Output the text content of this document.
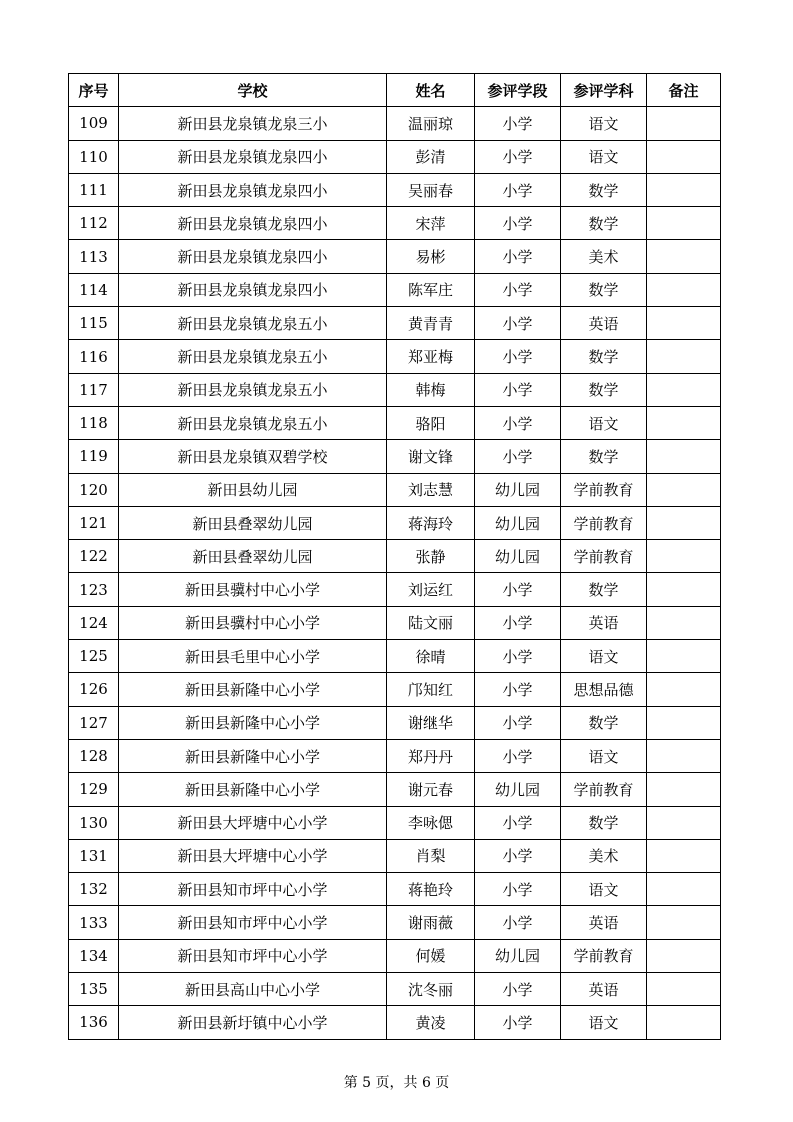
序号	学校	姓名	参评学段	参评学科	备注
109	新田县龙泉镇龙泉三小	温丽琼	小学	语文	
110	新田县龙泉镇龙泉四小	彭清	小学	语文	
111	新田县龙泉镇龙泉四小	吴丽春	小学	数学	
112	新田县龙泉镇龙泉四小	宋萍	小学	数学	
113	新田县龙泉镇龙泉四小	易彬	小学	美术	
114	新田县龙泉镇龙泉四小	陈军庄	小学	数学	
115	新田县龙泉镇龙泉五小	黄青青	小学	英语	
116	新田县龙泉镇龙泉五小	郑亚梅	小学	数学	
117	新田县龙泉镇龙泉五小	韩梅	小学	数学	
118	新田县龙泉镇龙泉五小	骆阳	小学	语文	
119	新田县龙泉镇双碧学校	谢文锋	小学	数学	
120	新田县幼儿园	刘志慧	幼儿园	学前教育	
121	新田县叠翠幼儿园	蒋海玲	幼儿园	学前教育	
122	新田县叠翠幼儿园	张静	幼儿园	学前教育	
123	新田县骥村中心小学	刘运红	小学	数学	
124	新田县骥村中心小学	陆文丽	小学	英语	
125	新田县毛里中心小学	徐晴	小学	语文	
126	新田县新隆中心小学	邝知红	小学	思想品德	
127	新田县新隆中心小学	谢继华	小学	数学	
128	新田县新隆中心小学	郑丹丹	小学	语文	
129	新田县新隆中心小学	谢元春	幼儿园	学前教育	
130	新田县大坪塘中心小学	李咏偲	小学	数学	
131	新田县大坪塘中心小学	肖梨	小学	美术	
132	新田县知市坪中心小学	蒋艳玲	小学	语文	
133	新田县知市坪中心小学	谢雨薇	小学	英语	
134	新田县知市坪中心小学	何媛	幼儿园	学前教育	
135	新田县高山中心小学	沈冬丽	小学	英语	
136	新田县新圩镇中心小学	黄凌	小学	语文	
第 5 页，共 6 页
